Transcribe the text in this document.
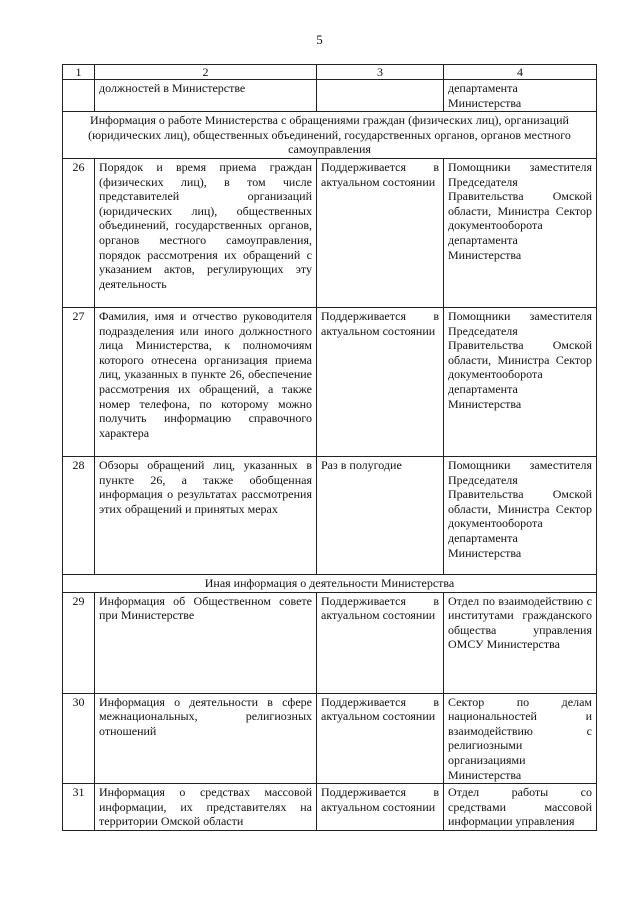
5
1	2	3	4
	должностей в Министерстве		департамента Министерства
Информация о работе Министерства с обращениями граждан (физических лиц), организаций (юридических лиц), общественных объединений, государственных органов, органов местного самоуправления			
26	Порядок и время приема граждан (физических лиц), в том числе представителей организаций (юридических лиц), общественных объединений, государственных органов, органов местного самоуправления, порядок рассмотрения их обращений с указанием актов, регулирующих эту деятельность	Поддерживается в актуальном состоянии	Помощники заместителя Председателя Правительства Омской области, Министра Сектор документооборота департамента Министерства
27	Фамилия, имя и отчество руководителя подразделения или иного должностного лица Министерства, к полномочиям которого отнесена организация приема лиц, указанных в пункте 26, обеспечение рассмотрения их обращений, а также номер телефона, по которому можно получить информацию справочного характера	Поддерживается в актуальном состоянии	Помощники заместителя Председателя Правительства Омской области, Министра Сектор документооборота департамента Министерства
28	Обзоры обращений лиц, указанных в пункте 26, а также обобщенная информация о результатах рассмотрения этих обращений и принятых мерах	Раз в полугодие	Помощники заместителя Председателя Правительства Омской области, Министра Сектор документооборота департамента Министерства
Иная информация о деятельности Министерства			
29	Информация об Общественном совете при Министерстве	Поддерживается в актуальном состоянии	Отдел по взаимодействию с институтами гражданского общества управления ОМСУ Министерства
30	Информация о деятельности в сфере межнациональных, религиозных отношений	Поддерживается в актуальном состоянии	Сектор по делам национальностей и взаимодействию с религиозными организациями Министерства
31	Информация о средствах массовой информации, их представителях на территории Омской области	Поддерживается в актуальном состоянии	Отдел работы со средствами массовой информации управления
